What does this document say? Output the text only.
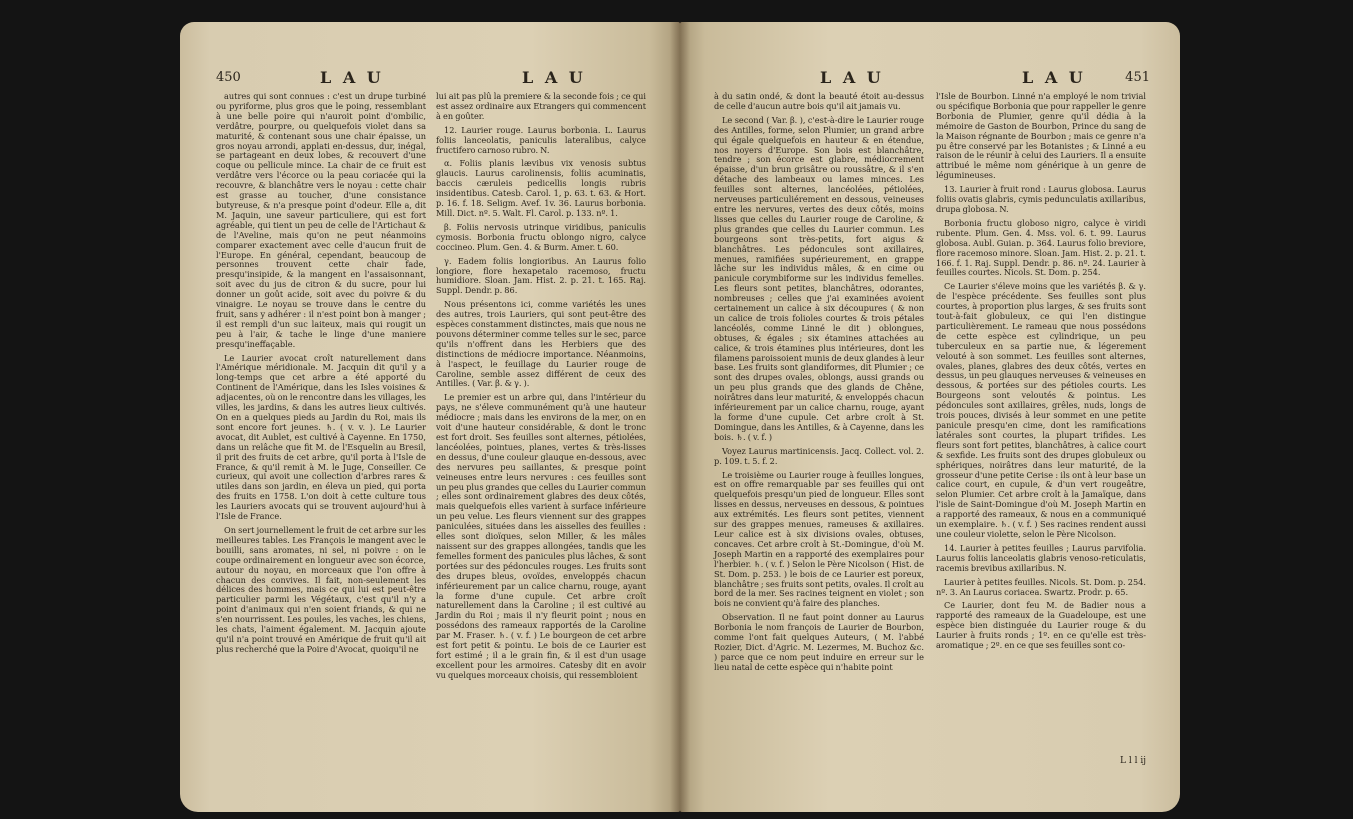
450	L A U	L A U

autres qui sont connues : c'est un drupe turbiné ou pyriforme, plus gros que le poing, ressemblant à une belle poire qui n'auroit point d'ombilic, verdâtre, pourpre, ou quelquefois violet dans sa maturité, & contenant sous une chair épaisse, un gros noyau arrondi, applati en-dessus, dur, inégal, se partageant en deux lobes, & recouvert d'une coque ou pellicule mince. La chair de ce fruit est verdâtre vers l'écorce ou la peau coriacée qui la recouvre, & blanchâtre vers le noyau : cette chair est grasse au toucher, d'une consistance butyreuse, & n'a presque point d'odeur. Elle a, dit M. Jaquin, une saveur particuliere, qui est fort agréable, qui tient un peu de celle de l'Artichaut & de l'Aveline, mais qu'on ne peut néanmoins comparer exactement avec celle d'aucun fruit de l'Europe. En général, cependant, beaucoup de personnes trouvent cette chair fade, presqu'insipide, & la mangent en l'assaisonnant, soit avec du jus de citron & du sucre, pour lui donner un goût acide, soit avec du poivre & du vinaigre. Le noyau se trouve dans le centre du fruit, sans y adhérer : il n'est point bon à manger ; il est rempli d'un suc laiteux, mais qui rougit un peu à l'air, & tache le linge d'une maniere presqu'ineffaçable.

Le Laurier avocat croît naturellement dans l'Amérique méridionale. M. Jacquin dit qu'il y a long-temps que cet arbre a été apporté du Continent de l'Amérique, dans les Isles voisines & adjacentes, où on le rencontre dans les villages, les villes, les jardins, & dans les autres lieux cultivés. On en a quelques pieds au Jardin du Roi, mais ils sont encore fort jeunes. ♄. ( v. v. ). Le Laurier avocat, dit Aublet, est cultivé à Cayenne. En 1750, dans un relâche que fit M. de l'Esquelin au Bresil, il prit des fruits de cet arbre, qu'il porta à l'Isle de France, & qu'il remit à M. le Juge, Conseiller. Ce curieux, qui avoit une collection d'arbres rares & utiles dans son jardin, en éleva un pied, qui porta des fruits en 1758. L'on doit à cette culture tous les Lauriers avocats qui se trouvent aujourd'hui à l'Isle de France.

On sert journellement le fruit de cet arbre sur les meilleures tables. Les François le mangent avec le bouilli, sans aromates, ni sel, ni poivre : on le coupe ordinairement en longueur avec son écorce, autour du noyau, en morceaux que l'on offre à chacun des convives. Il fait, non-seulement les délices des hommes, mais ce qui lui est peut-être particulier parmi les Végétaux, c'est qu'il n'y a point d'animaux qui n'en soient friands, & qui ne s'en nourrissent. Les poules, les vaches, les chiens, les chats, l'aiment également. M. Jacquin ajoute qu'il n'a point trouvé en Amérique de fruit qu'il ait plus recherché que la Poire d'Avocat, quoiqu'il ne

lui ait pas plû la premiere & la seconde fois ; ce qui est assez ordinaire aux Etrangers qui commencent à en goûter.

12. Laurier rouge. Laurus borbonia. L. Laurus foliis lanceolatis, paniculis lateralibus, calyce fructifero carnoso rubro. N.

α. Foliis planis lævibus vix venosis subtus glaucis. Laurus carolinensis, foliis acuminatis, baccis cæruleis pedicellis longis rubris insidentibus. Catesb. Carol. 1, p. 63. t. 63. & Hort. p. 16. f. 18. Seligm. Avef. 1v. 36. Laurus borbonia. Mill. Dict. nº. 5. Walt. Fl. Carol. p. 133. nº. 1.

β. Foliis nervosis utrinque viridibus, paniculis cymosis. Borbonia fructu oblongo nigro, calyce coccineo. Plum. Gen. 4. & Burm. Amer. t. 60.

γ. Eadem foliis longioribus. An Laurus folio longiore, flore hexapetalo racemoso, fructu humidiore. Sloan. Jam. Hist. 2. p. 21. t. 165. Raj. Suppl. Dendr. p. 86.

Nous présentons ici, comme variétés les unes des autres, trois Lauriers, qui sont peut-être des espèces constamment distinctes, mais que nous ne pouvons déterminer comme telles sur le sec, parce qu'ils n'offrent dans les Herbiers que des distinctions de médiocre importance. Néanmoins, à l'aspect, le feuillage du Laurier rouge de Caroline, semble assez différent de ceux des Antilles. ( Var. β. & γ. ).

Le premier est un arbre qui, dans l'intérieur du pays, ne s'éleve communément qu'à une hauteur médiocre ; mais dans les environs de la mer, on en voit d'une hauteur considérable, & dont le tronc est fort droit. Ses feuilles sont alternes, pétiolées, lancéolées, pointues, planes, vertes & très-lisses en dessus, d'une couleur glauque en-dessous, avec des nervures peu saillantes, & presque point veineuses entre leurs nervures : ces feuilles sont un peu plus grandes que celles du Laurier commun ; elles sont ordinairement glabres des deux côtés, mais quelquefois elles varient à surface inférieure un peu velue. Les fleurs viennent sur des grappes paniculées, situées dans les aisselles des feuilles : elles sont dioïques, selon Miller, & les mâles naissent sur des grappes allongées, tandis que les femelles forment des panicules plus lâches, & sont portées sur des pédoncules rouges. Les fruits sont des drupes bleus, ovoïdes, enveloppés chacun inférieurement par un calice charnu, rouge, ayant la forme d'une cupule. Cet arbre croît naturellement dans la Caroline ; il est cultivé au Jardin du Roi ; mais il n'y fleurit point ; nous en possédons des rameaux rapportés de la Caroline par M. Fraser. ♄. ( v. f. ) Le bourgeon de cet arbre est fort petit & pointu. Le bois de ce Laurier est fort estimé ; il a le grain fin, & il est d'un usage excellent pour les armoires. Catesby dit en avoir vu quelques morceaux choisis, qui ressembloient

L A U	L A U	451

à du satin ondé, & dont la beauté étoit au-dessus de celle d'aucun autre bois qu'il ait jamais vu.

Le second ( Var. β. ), c'est-à-dire le Laurier rouge des Antilles, forme, selon Plumier, un grand arbre qui égale quelquefois en hauteur & en étendue, nos noyers d'Europe. Son bois est blanchâtre, tendre ; son écorce est glabre, médiocrement épaisse, d'un brun grisâtre ou roussâtre, & il s'en détache des lambeaux ou lames minces. Les feuilles sont alternes, lancéolées, pétiolées, nerveuses particuliérement en dessous, veineuses entre les nervures, vertes des deux côtés, moins lisses que celles du Laurier rouge de Caroline, & plus grandes que celles du Laurier commun. Les bourgeons sont très-petits, fort aigus & blanchâtres. Les pédoncules sont axillaires, menues, ramifiées supérieurement, en grappe lâche sur les individus mâles, & en cime ou panicule corymbiforme sur les individus femelles. Les fleurs sont petites, blanchâtres, odorantes, nombreuses ; celles que j'ai examinées avoient certainement un calice à six découpures ( & non un calice de trois folioles courtes & trois pétales lancéolés, comme Linné le dit ) oblongues, obtuses, & égales ; six étamines attachées au calice, & trois étamines plus intérieures, dont les filamens paroissoient munis de deux glandes à leur base. Les fruits sont glandiformes, dit Plumier ; ce sont des drupes ovales, oblongs, aussi grands ou un peu plus grands que des glands de Chêne, noirâtres dans leur maturité, & enveloppés chacun inférieurement par un calice charnu, rouge, ayant la forme d'une cupule. Cet arbre croît à St. Domingue, dans les Antilles, & à Cayenne, dans les bois. ♄. ( v. f. )

Voyez Laurus martinicensis. Jacq. Collect. vol. 2. p. 109. t. 5. f. 2.

Le troisième ou Laurier rouge à feuilles longues, est on offre remarquable par ses feuilles qui ont quelquefois presqu'un pied de longueur. Elles sont lisses en dessus, nerveuses en dessous, & pointues aux extrémités. Les fleurs sont petites, viennent sur des grappes menues, rameuses & axillaires. Leur calice est à six divisions ovales, obtuses, concaves. Cet arbre croît à St.-Domingue, d'où M. Joseph Martin en a rapporté des exemplaires pour l'herbier. ♄. ( v. f. ) Selon le Père Nicolson ( Hist. de St. Dom. p. 253. ) le bois de ce Laurier est poreux, blanchâtre ; ses fruits sont petits, ovales. Il croît au bord de la mer. Ses racines teignent en violet ; son bois ne convient qu'à faire des planches.

Observation. Il ne faut point donner au Laurus Borbonia le nom françois de Laurier de Bourbon, comme l'ont fait quelques Auteurs, ( M. l'abbé Rozier, Dict. d'Agric. M. Lezermes, M. Buchoz &c. ) parce que ce nom peut induire en erreur sur le lieu natal de cette espèce qui n'habite point

l'Isle de Bourbon. Linné n'a employé le nom trivial ou spécifique Borbonia que pour rappeller le genre Borbonia de Plumier, genre qu'il dédia à la mémoire de Gaston de Bourbon, Prince du sang de la Maison régnante de Bourbon ; mais ce genre n'a pu être conservé par les Botanistes ; & Linné a eu raison de le réunir à celui des Lauriers. Il a ensuite attribué le même nom générique à un genre de légumineuses.

13. Laurier à fruit rond : Laurus globosa. Laurus foliis ovatis glabris, cymis pedunculatis axillaribus, drupa globosa. N.

Borbonia fructu globoso nigro, calyce è viridi rubente. Plum. Gen. 4. Mss. vol. 6. t. 99. Laurus globosa. Aubl. Guian. p. 364. Laurus folio breviore, flore racemoso minore. Sloan. Jam. Hist. 2. p. 21. t. 166. f. 1. Raj. Suppl. Dendr. p. 86. nº. 24. Laurier à feuilles courtes. Nicols. St. Dom. p. 254.

Ce Laurier s'éleve moins que les variétés β. & γ. de l'espèce précédente. Ses feuilles sont plus courtes, à proportion plus larges, & ses fruits sont tout-à-fait globuleux, ce qui l'en distingue particulièrement. Le rameau que nous possédons de cette espèce est cylindrique, un peu tuberculeux en sa partie nue, & légerement velouté à son sommet. Les feuilles sont alternes, ovales, planes, glabres des deux côtés, vertes en dessus, un peu glauques nerveuses & veineuses en dessous, & portées sur des pétioles courts. Les Bourgeons sont veloutés & pointus. Les pédoncules sont axillaires, grêles, nuds, longs de trois pouces, divisés à leur sommet en une petite panicule presqu'en cime, dont les ramifications latérales sont courtes, la plupart trifides. Les fleurs sont fort petites, blanchâtres, à calice court & sexfide. Les fruits sont des drupes globuleux ou sphériques, noirâtres dans leur maturité, de la grosseur d'une petite Cerise : ils ont à leur base un calice court, en cupule, & d'un vert rougeâtre, selon Plumier. Cet arbre croît à la Jamaïque, dans l'isle de Saint-Domingue d'où M. Joseph Martin en a rapporté des rameaux, & nous en a communiqué un exemplaire. ♄. ( v. f. ) Ses racines rendent aussi une couleur violette, selon le Père Nicolson.

14. Laurier à petites feuilles ; Laurus parvifolia. Laurus foliis lanceolatis glabris venoso-reticulatis, racemis brevibus axillaribus. N.

Laurier à petites feuilles. Nicols. St. Dom. p. 254. nº. 3. An Laurus coriacea. Swartz. Prodr. p. 65.

Ce Laurier, dont feu M. de Badier nous a rapporté des rameaux de la Guadeloupe, est une espèce bien distinguée du Laurier rouge & du Laurier à fruits ronds ; 1º. en ce qu'elle est très-aromatique ; 2º. en ce que ses feuilles sont co-

L l l ij
